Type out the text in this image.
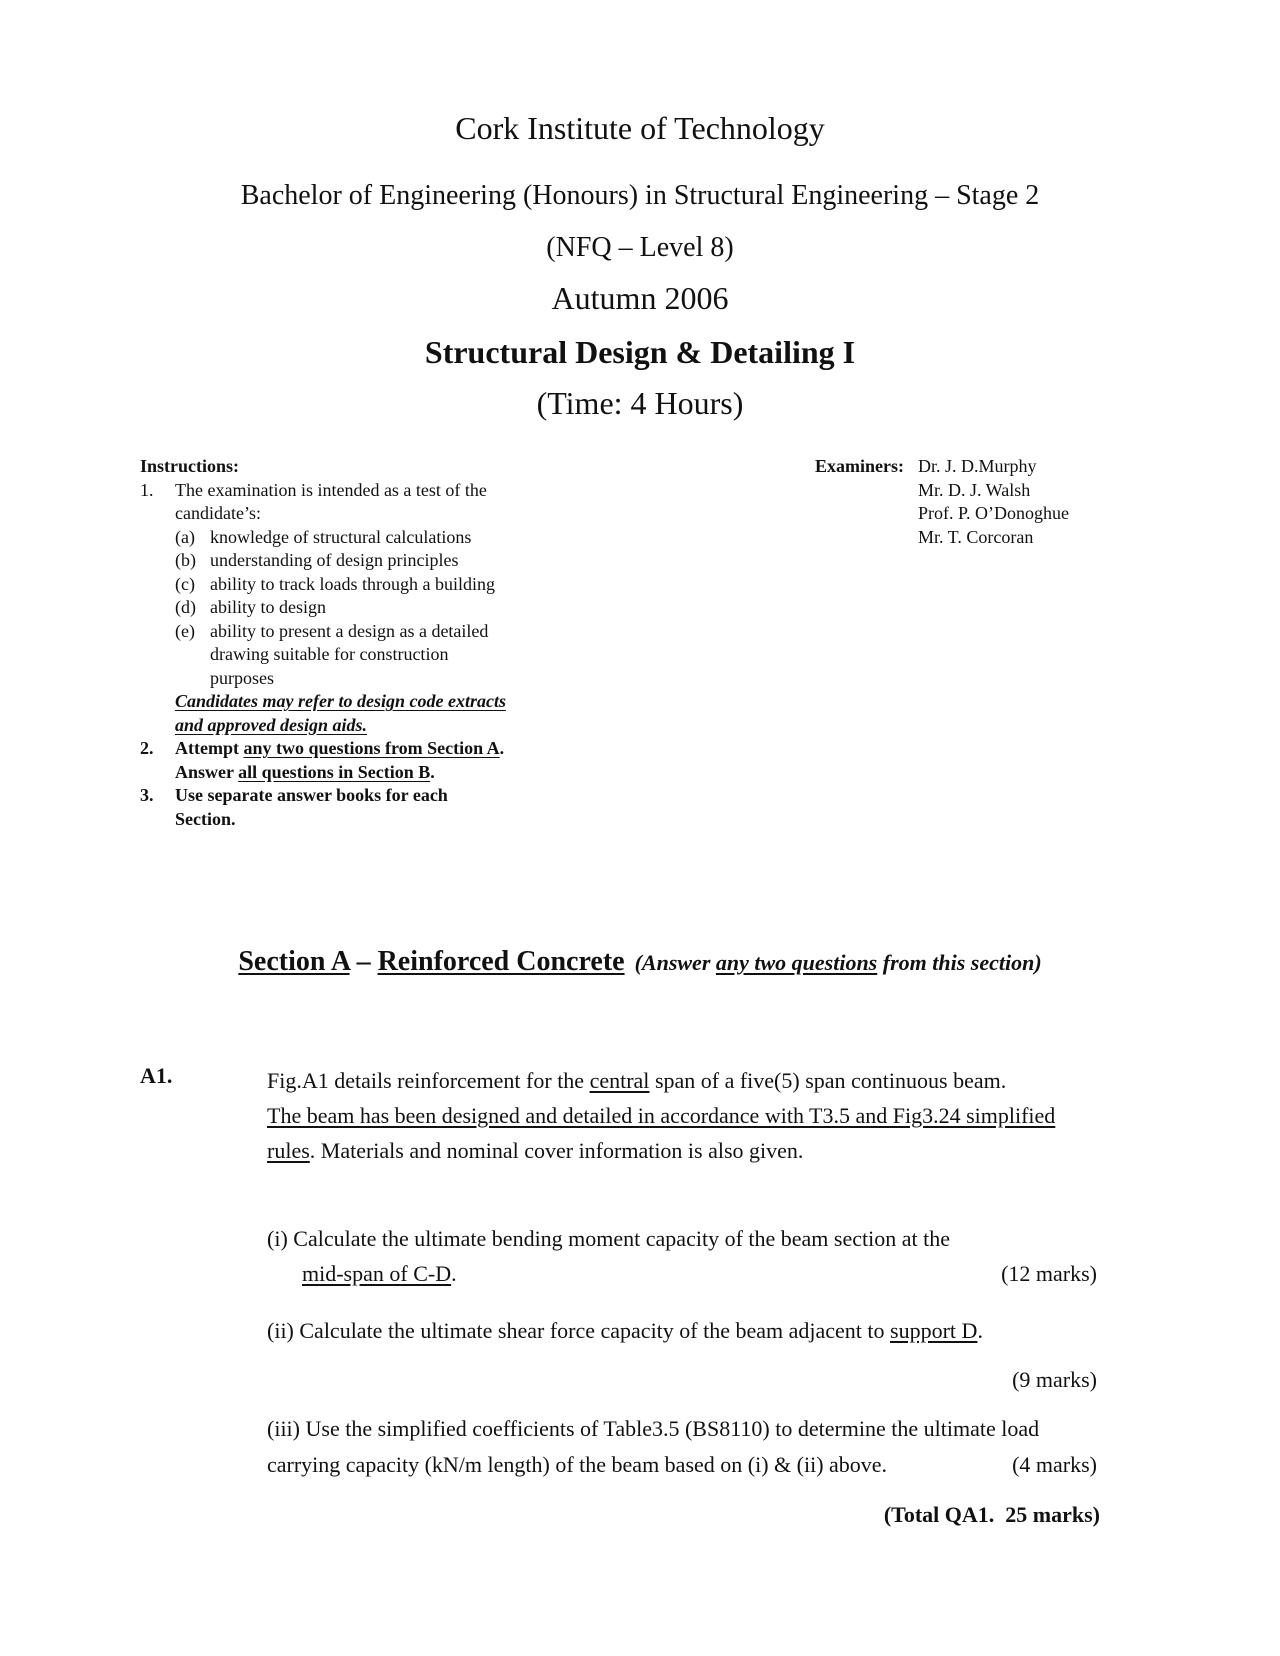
Cork Institute of Technology
Bachelor of Engineering (Honours) in Structural Engineering – Stage 2
(NFQ – Level 8)
Autumn 2006
Structural Design & Detailing I
(Time: 4 Hours)
Instructions:
1. The examination is intended as a test of the
candidate’s:
(a) knowledge of structural calculations
(b) understanding of design principles
(c) ability to track loads through a building
(d) ability to design
(e) ability to present a design as a detailed
drawing suitable for construction
purposes
Candidates may refer to design code extracts
and approved design aids.
2. Attempt any two questions from Section A.
Answer all questions in Section B.
3. Use separate answer books for each
Section.
Examiners: Dr. J. D.Murphy
Mr. D. J. Walsh
Prof. P. O’Donoghue
Mr. T. Corcoran
Section A – Reinforced Concrete (Answer any two questions from this section)
A1.	Fig.A1 details reinforcement for the central span of a five(5) span continuous beam.
The beam has been designed and detailed in accordance with T3.5 and Fig3.24 simplified
rules. Materials and nominal cover information is also given.
(i) Calculate the ultimate bending moment capacity of the beam section at the
mid-span of C-D.	(12 marks)
(ii) Calculate the ultimate shear force capacity of the beam adjacent to support D.
(9 marks)
(iii) Use the simplified coefficients of Table3.5 (BS8110) to determine the ultimate load
carrying capacity (kN/m length) of the beam based on (i) & (ii) above.	(4 marks)
(Total QA1.  25 marks)
